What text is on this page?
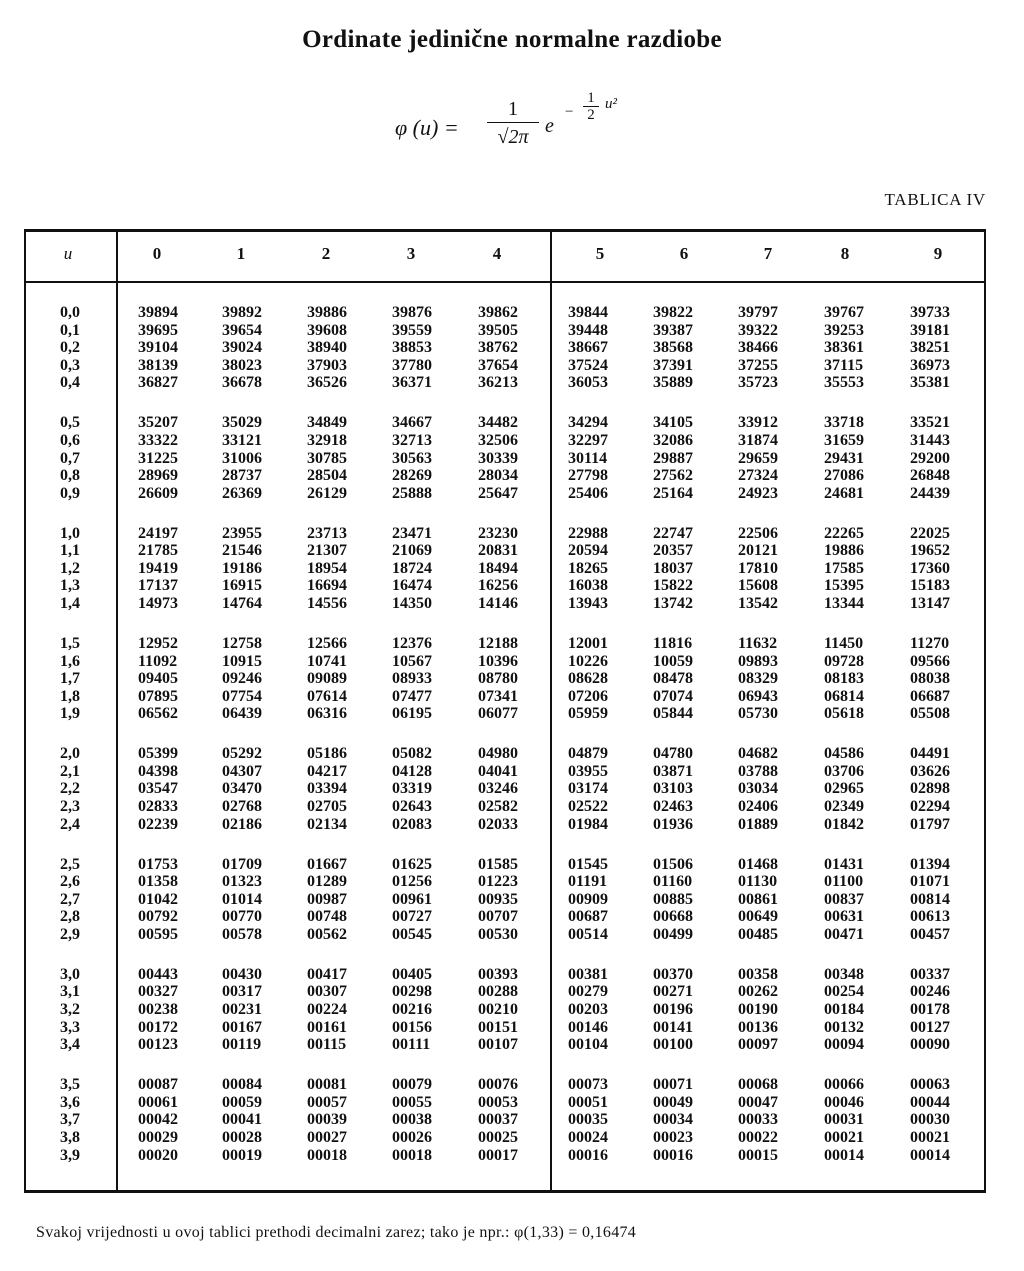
Ordinate jedinične normalne razdiobe
φ (u) =
1
√2π e
−
1
2
u²
TABLICA IV
u	0	1	2	3	4	5	6	7	8	9
0,0	39894	39892	39886	39876	39862	39844	39822	39797	39767	39733
0,1	39695	39654	39608	39559	39505	39448	39387	39322	39253	39181
0,2	39104	39024	38940	38853	38762	38667	38568	38466	38361	38251
0,3	38139	38023	37903	37780	37654	37524	37391	37255	37115	36973
0,4	36827	36678	36526	36371	36213	36053	35889	35723	35553	35381
0,5	35207	35029	34849	34667	34482	34294	34105	33912	33718	33521
0,6	33322	33121	32918	32713	32506	32297	32086	31874	31659	31443
0,7	31225	31006	30785	30563	30339	30114	29887	29659	29431	29200
0,8	28969	28737	28504	28269	28034	27798	27562	27324	27086	26848
0,9	26609	26369	26129	25888	25647	25406	25164	24923	24681	24439
1,0	24197	23955	23713	23471	23230	22988	22747	22506	22265	22025
1,1	21785	21546	21307	21069	20831	20594	20357	20121	19886	19652
1,2	19419	19186	18954	18724	18494	18265	18037	17810	17585	17360
1,3	17137	16915	16694	16474	16256	16038	15822	15608	15395	15183
1,4	14973	14764	14556	14350	14146	13943	13742	13542	13344	13147
1,5	12952	12758	12566	12376	12188	12001	11816	11632	11450	11270
1,6	11092	10915	10741	10567	10396	10226	10059	09893	09728	09566
1,7	09405	09246	09089	08933	08780	08628	08478	08329	08183	08038
1,8	07895	07754	07614	07477	07341	07206	07074	06943	06814	06687
1,9	06562	06439	06316	06195	06077	05959	05844	05730	05618	05508
2,0	05399	05292	05186	05082	04980	04879	04780	04682	04586	04491
2,1	04398	04307	04217	04128	04041	03955	03871	03788	03706	03626
2,2	03547	03470	03394	03319	03246	03174	03103	03034	02965	02898
2,3	02833	02768	02705	02643	02582	02522	02463	02406	02349	02294
2,4	02239	02186	02134	02083	02033	01984	01936	01889	01842	01797
2,5	01753	01709	01667	01625	01585	01545	01506	01468	01431	01394
2,6	01358	01323	01289	01256	01223	01191	01160	01130	01100	01071
2,7	01042	01014	00987	00961	00935	00909	00885	00861	00837	00814
2,8	00792	00770	00748	00727	00707	00687	00668	00649	00631	00613
2,9	00595	00578	00562	00545	00530	00514	00499	00485	00471	00457
3,0	00443	00430	00417	00405	00393	00381	00370	00358	00348	00337
3,1	00327	00317	00307	00298	00288	00279	00271	00262	00254	00246
3,2	00238	00231	00224	00216	00210	00203	00196	00190	00184	00178
3,3	00172	00167	00161	00156	00151	00146	00141	00136	00132	00127
3,4	00123	00119	00115	00111	00107	00104	00100	00097	00094	00090
3,5	00087	00084	00081	00079	00076	00073	00071	00068	00066	00063
3,6	00061	00059	00057	00055	00053	00051	00049	00047	00046	00044
3,7	00042	00041	00039	00038	00037	00035	00034	00033	00031	00030
3,8	00029	00028	00027	00026	00025	00024	00023	00022	00021	00021
3,9	00020	00019	00018	00018	00017	00016	00016	00015	00014	00014
Svakoj vrijednosti u ovoj tablici prethodi decimalni zarez; tako je npr.: φ(1,33) = 0,16474
